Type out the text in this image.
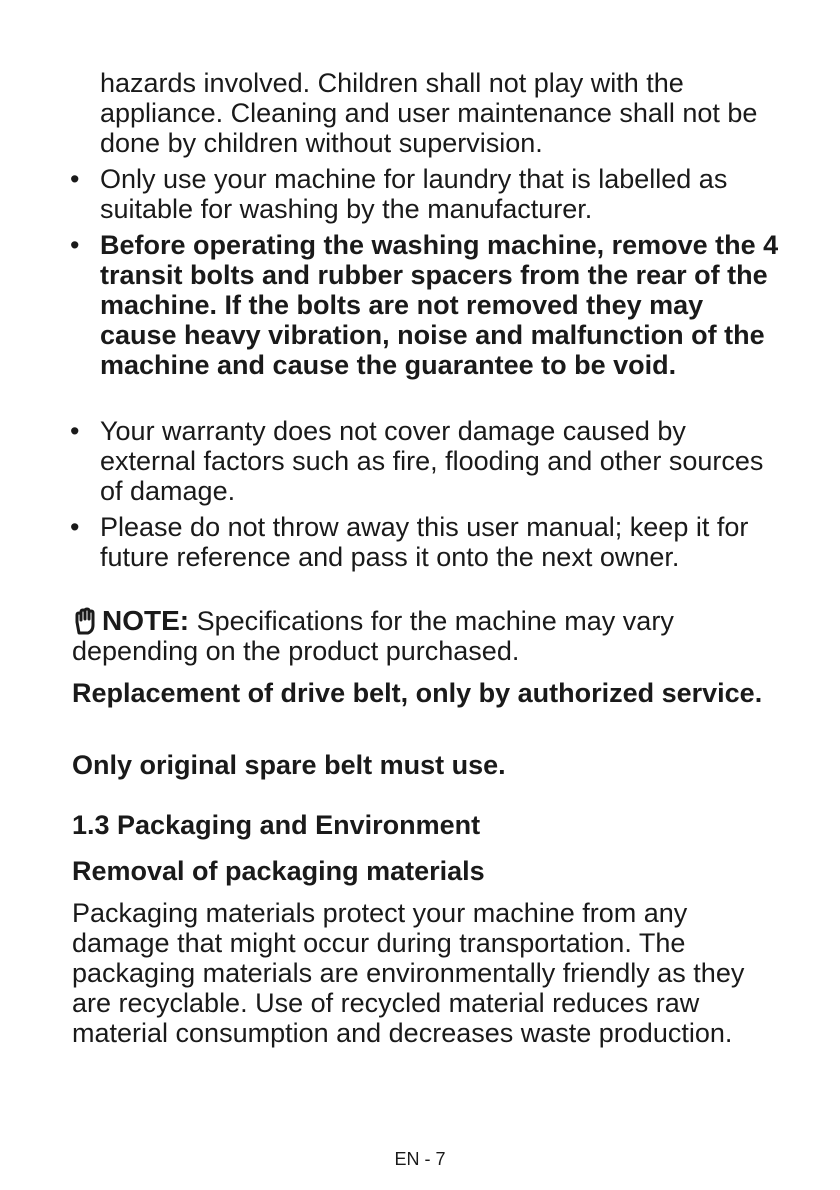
hazards involved. Children shall not play with the appliance. Cleaning and user maintenance shall not be done by children without supervision.

• Only use your machine for laundry that is labelled as suitable for washing by the manufacturer.

• Before operating the washing machine, remove the 4 transit bolts and rubber spacers from the rear of the machine. If the bolts are not removed they may cause heavy vibration, noise and malfunction of the machine and cause the guarantee to be void.

• Your warranty does not cover damage caused by external factors such as fire, flooding and other sources of damage.

• Please do not throw away this user manual; keep it for future reference and pass it onto the next owner.

NOTE: Specifications for the machine may vary depending on the product purchased.

Replacement of drive belt, only by authorized service.

Only original spare belt must use.

1.3 Packaging and Environment
Removal of packaging materials

Packaging materials protect your machine from any damage that might occur during transportation. The packaging materials are environmentally friendly as they are recyclable. Use of recycled material reduces raw material consumption and decreases waste production.

EN - 7
